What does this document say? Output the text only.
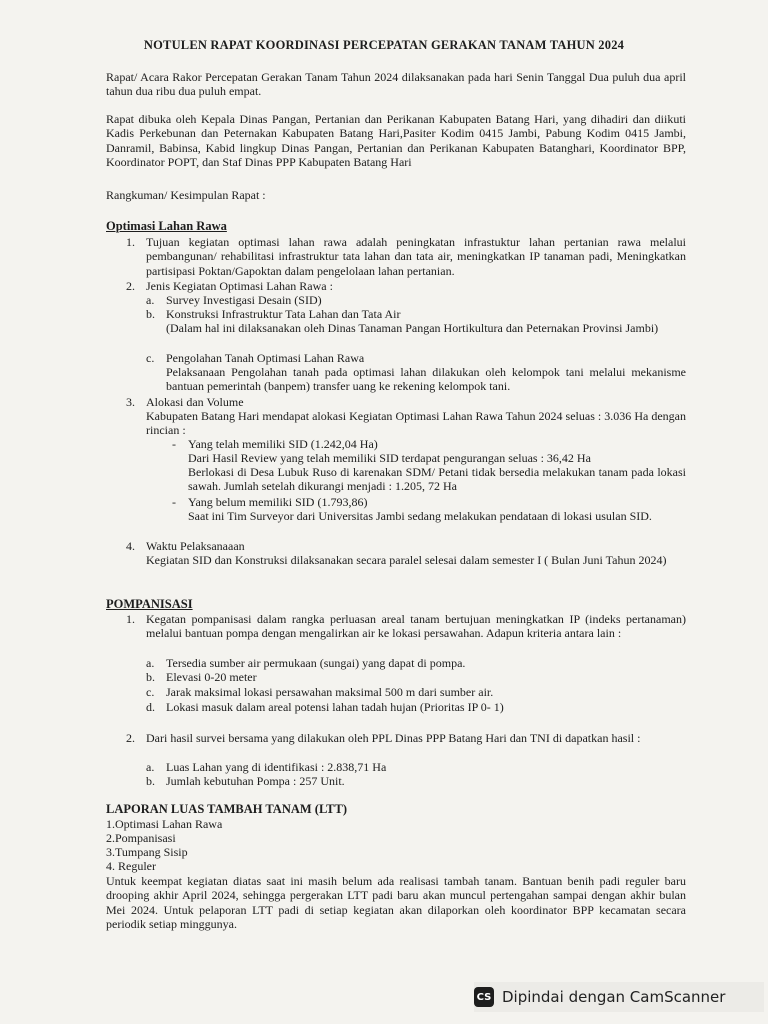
NOTULEN RAPAT KOORDINASI PERCEPATAN GERAKAN TANAM TAHUN 2024
Rapat/ Acara Rakor Percepatan Gerakan Tanam Tahun 2024 dilaksanakan pada hari Senin Tanggal Dua puluh dua april tahun dua ribu dua puluh empat.
Rapat dibuka oleh Kepala Dinas Pangan, Pertanian dan Perikanan Kabupaten Batang Hari, yang dihadiri dan diikuti Kadis Perkebunan dan Peternakan Kabupaten Batang Hari,Pasiter Kodim 0415 Jambi, Pabung Kodim 0415 Jambi, Danramil, Babinsa, Kabid lingkup Dinas Pangan, Pertanian dan Perikanan Kabupaten Batanghari, Koordinator BPP, Koordinator POPT, dan Staf Dinas PPP Kabupaten Batang Hari
Rangkuman/ Kesimpulan Rapat :
Optimasi Lahan Rawa
1. Tujuan kegiatan optimasi lahan rawa adalah peningkatan infrastuktur lahan pertanian rawa melalui pembangunan/ rehabilitasi infrastruktur tata lahan dan tata air, meningkatkan IP tanaman padi, Meningkatkan partisipasi Poktan/Gapoktan dalam pengelolaan lahan pertanian.
2. Jenis Kegiatan Optimasi Lahan Rawa :
a. Survey Investigasi Desain (SID)
b. Konstruksi Infrastruktur Tata Lahan dan Tata Air
(Dalam hal ini dilaksanakan oleh Dinas Tanaman Pangan Hortikultura dan Peternakan Provinsi Jambi)
c. Pengolahan Tanah Optimasi Lahan Rawa
Pelaksanaan Pengolahan tanah pada optimasi lahan dilakukan oleh kelompok tani melalui mekanisme bantuan pemerintah (banpem) transfer uang ke rekening kelompok tani.
3. Alokasi dan Volume
Kabupaten Batang Hari mendapat alokasi Kegiatan Optimasi Lahan Rawa Tahun 2024 seluas : 3.036 Ha dengan rincian :
- Yang telah memiliki SID (1.242,04 Ha)
Dari Hasil Review yang telah memiliki SID terdapat pengurangan seluas : 36,42 Ha
Berlokasi di Desa Lubuk Ruso di karenakan SDM/ Petani tidak bersedia melakukan tanam pada lokasi sawah. Jumlah setelah dikurangi menjadi : 1.205, 72 Ha
- Yang belum memiliki SID (1.793,86)
Saat ini Tim Surveyor dari Universitas Jambi sedang melakukan pendataan di lokasi usulan SID.
4. Waktu Pelaksanaaan
Kegiatan SID dan Konstruksi dilaksanakan secara paralel selesai dalam semester I ( Bulan Juni Tahun 2024)
POMPANISASI
1. Kegatan pompanisasi dalam rangka perluasan areal tanam bertujuan meningkatkan IP (indeks pertanaman) melalui bantuan pompa dengan mengalirkan air ke lokasi persawahan. Adapun kriteria antara lain :
a. Tersedia sumber air permukaan (sungai) yang dapat di pompa.
b. Elevasi 0-20 meter
c. Jarak maksimal lokasi persawahan maksimal 500 m dari sumber air.
d. Lokasi masuk dalam areal potensi lahan tadah hujan (Prioritas IP 0- 1)
2. Dari hasil survei bersama yang dilakukan oleh PPL Dinas PPP Batang Hari dan TNI di dapatkan hasil :
a. Luas Lahan yang di identifikasi : 2.838,71 Ha
b. Jumlah kebutuhan Pompa : 257 Unit.
LAPORAN LUAS TAMBAH TANAM (LTT)
1.Optimasi Lahan Rawa
2.Pompanisasi
3.Tumpang Sisip
4. Reguler
Untuk keempat kegiatan diatas saat ini masih belum ada realisasi tambah tanam. Bantuan benih padi reguler baru drooping akhir April 2024, sehingga pergerakan LTT padi baru akan muncul pertengahan sampai dengan akhir bulan Mei 2024. Untuk pelaporan LTT padi di setiap kegiatan akan dilaporkan oleh koordinator BPP kecamatan secara periodik setiap minggunya.
CS Dipindai dengan CamScanner
